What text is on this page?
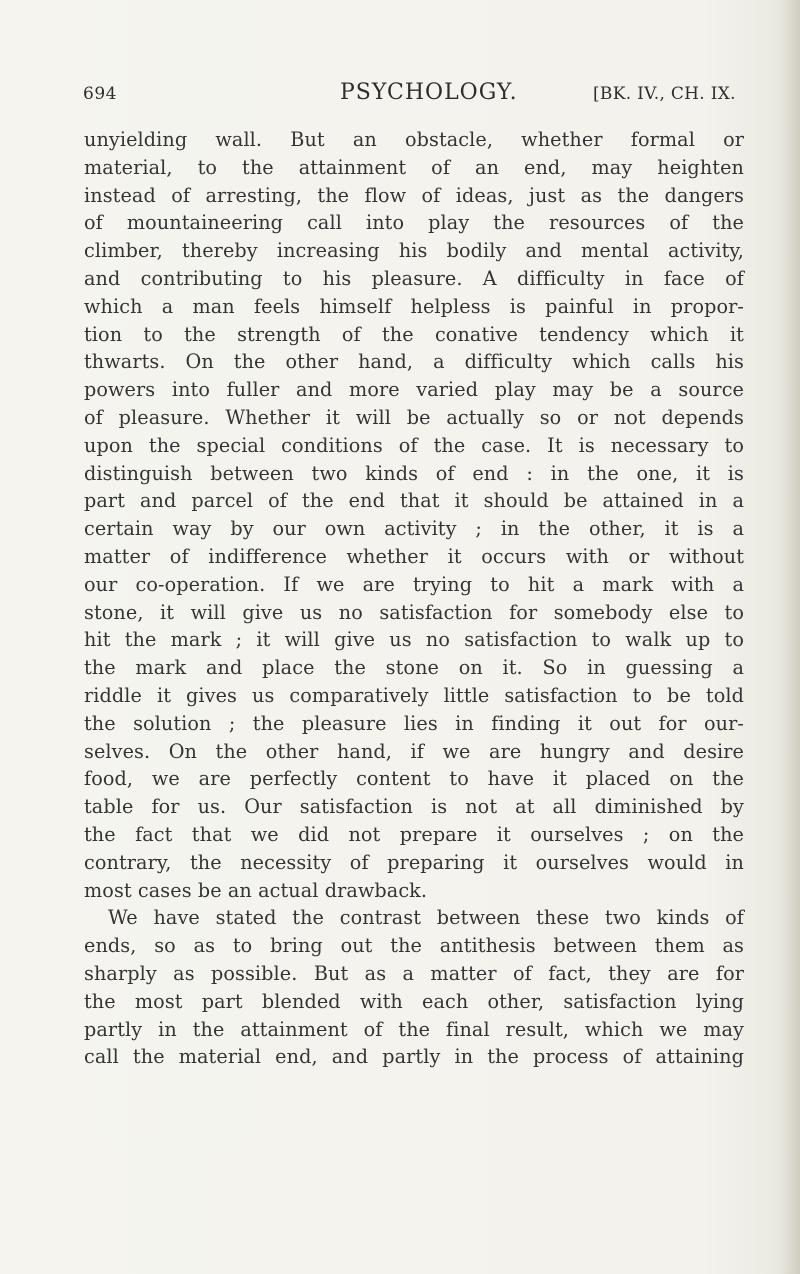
694	PSYCHOLOGY.	[BK. IV., CH. IX.
unyielding wall. But an obstacle, whether formal or
material, to the attainment of an end, may heighten
instead of arresting, the flow of ideas, just as the dangers
of mountaineering call into play the resources of the
climber, thereby increasing his bodily and mental activity,
and contributing to his pleasure. A difficulty in face of
which a man feels himself helpless is painful in propor-
tion to the strength of the conative tendency which it
thwarts. On the other hand, a difficulty which calls his
powers into fuller and more varied play may be a source
of pleasure. Whether it will be actually so or not depends
upon the special conditions of the case. It is necessary to
distinguish between two kinds of end : in the one, it is
part and parcel of the end that it should be attained in a
certain way by our own activity ; in the other, it is a
matter of indifference whether it occurs with or without
our co-operation. If we are trying to hit a mark with a
stone, it will give us no satisfaction for somebody else to
hit the mark ; it will give us no satisfaction to walk up to
the mark and place the stone on it. So in guessing a
riddle it gives us comparatively little satisfaction to be told
the solution ; the pleasure lies in finding it out for our-
selves. On the other hand, if we are hungry and desire
food, we are perfectly content to have it placed on the
table for us. Our satisfaction is not at all diminished by
the fact that we did not prepare it ourselves ; on the
contrary, the necessity of preparing it ourselves would in
most cases be an actual drawback.
We have stated the contrast between these two kinds of
ends, so as to bring out the antithesis between them as
sharply as possible. But as a matter of fact, they are for
the most part blended with each other, satisfaction lying
partly in the attainment of the final result, which we may
call the material end, and partly in the process of attaining
